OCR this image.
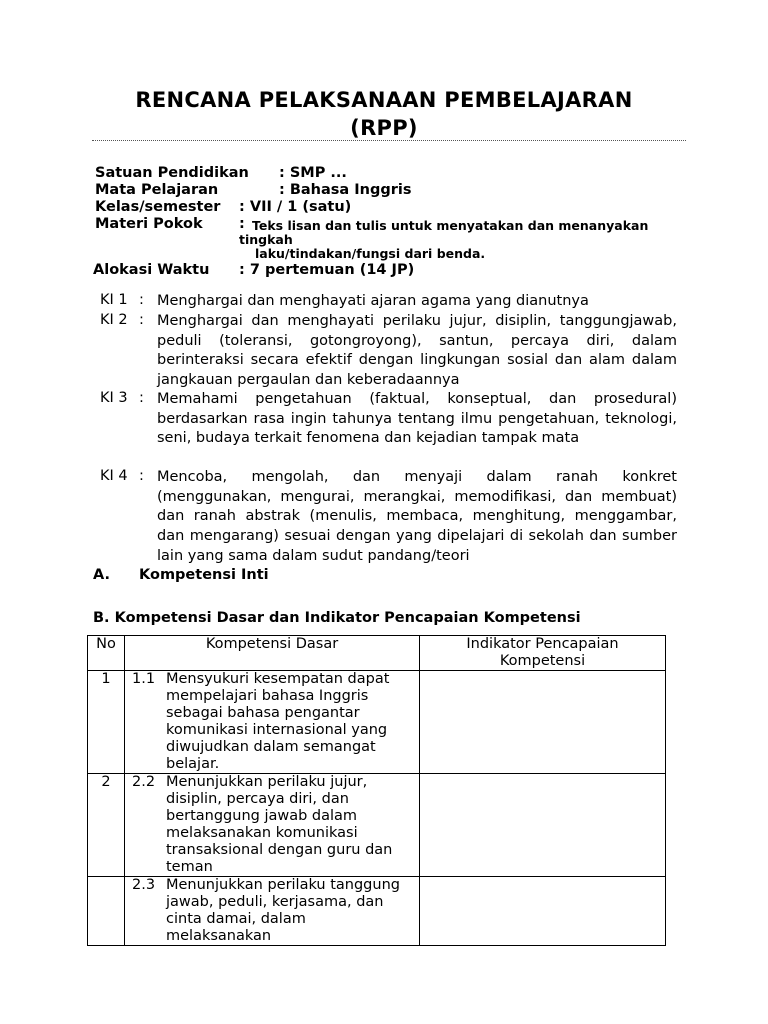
RENCANA PELAKSANAAN PEMBELAJARAN
(RPP)
Satuan Pendidikan : SMP ...
Mata Pelajaran	: Bahasa Inggris
Kelas/semester : VII / 1 (satu)
Materi Pokok	: Teks lisan dan tulis untuk menyatakan dan menanyakan
tingkah
laku/tindakan/fungsi dari benda.
Alokasi Waktu : 7 pertemuan (14 JP)
KI 1 : Menghargai dan menghayati ajaran agama yang dianutnya
KI 2 : Menghargai dan menghayati perilaku jujur, disiplin, tanggungjawab, peduli (toleransi, gotongroyong), santun, percaya diri, dalam berinteraksi secara efektif dengan lingkungan sosial dan alam dalam jangkauan pergaulan dan keberadaannya
KI 3 : Memahami pengetahuan (faktual, konseptual, dan prosedural) berdasarkan rasa ingin tahunya tentang ilmu pengetahuan, teknologi, seni, budaya terkait fenomena dan kejadian tampak mata
KI 4 : Mencoba, mengolah, dan menyaji dalam ranah konkret (menggunakan, mengurai, merangkai, memodifikasi, dan membuat) dan ranah abstrak (menulis, membaca, menghitung, menggambar, dan mengarang) sesuai dengan yang dipelajari di sekolah dan sumber lain yang sama dalam sudut pandang/teori
A. Kompetensi Inti
B. Kompetensi Dasar dan Indikator Pencapaian Kompetensi
No	Kompetensi Dasar	Indikator Pencapaian
Kompetensi

1	1.1 Mensyukuri kesempatan dapat mempelajari bahasa Inggris sebagai bahasa pengantar komunikasi internasional yang diwujudkan dalam semangat belajar.	

2	2.2 Menunjukkan perilaku jujur, disiplin, percaya diri, dan bertanggung jawab dalam melaksanakan komunikasi transaksional dengan guru dan teman	

	2.3 Menunjukkan perilaku tanggung jawab, peduli, kerjasama, dan cinta damai, dalam melaksanakan	
